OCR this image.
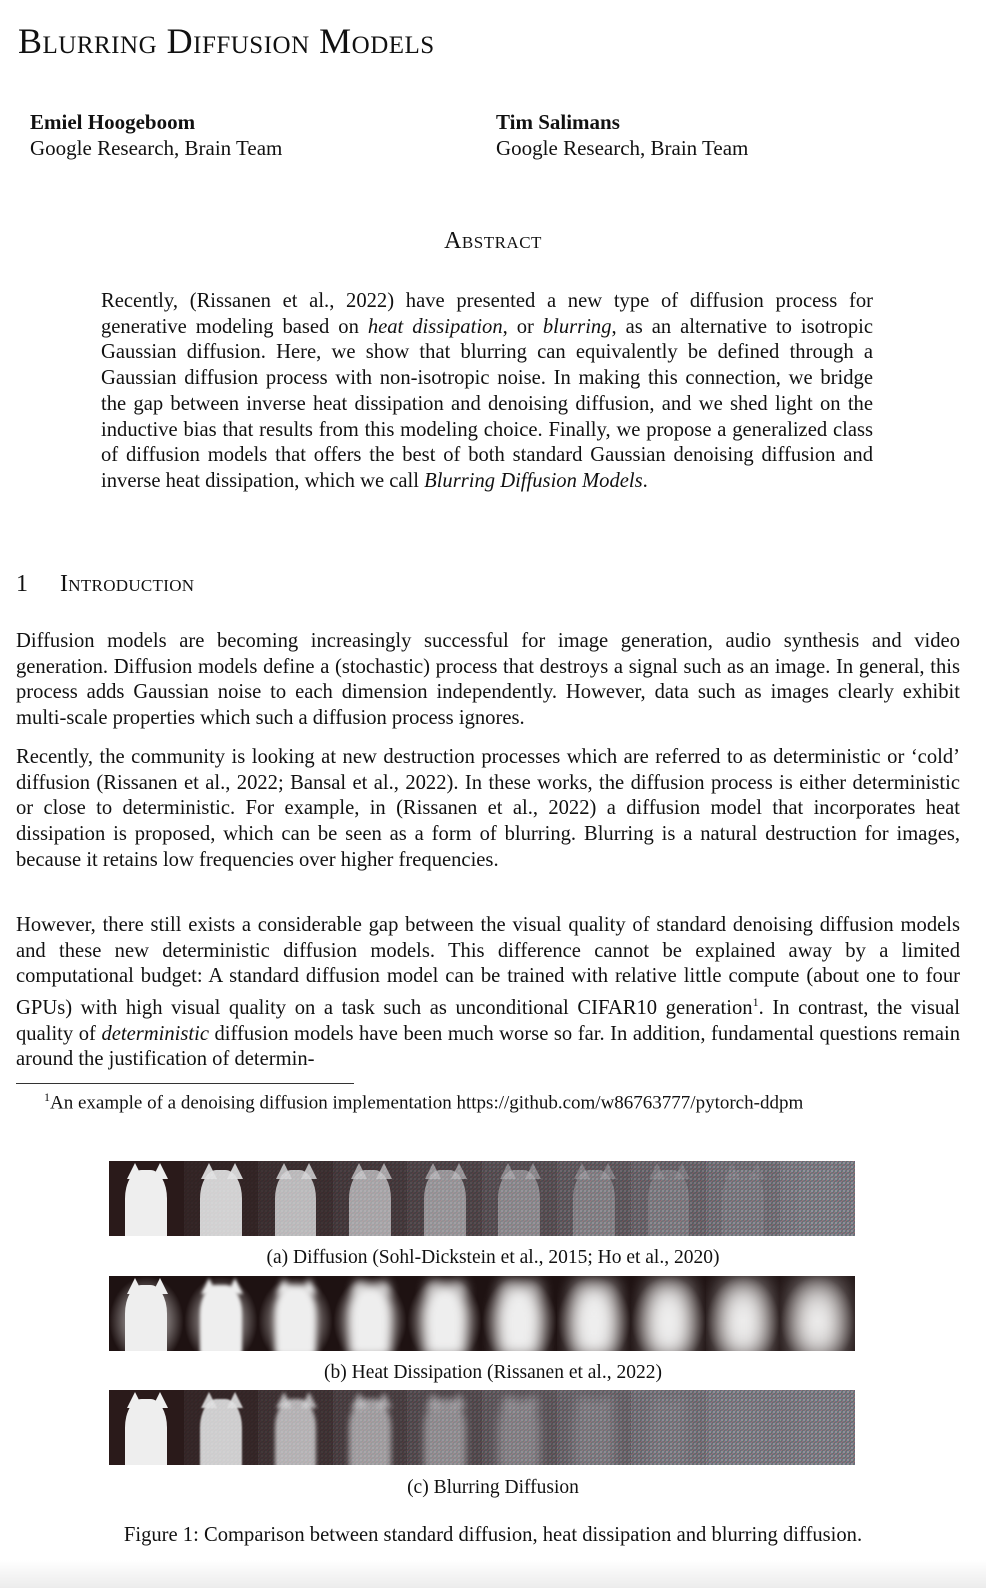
Blurring Diffusion Models
Emiel Hoogeboom
Google Research, Brain Team
Tim Salimans
Google Research, Brain Team
Abstract
Recently, (Rissanen et al., 2022) have presented a new type of diffusion process for generative modeling based on heat dissipation, or blurring, as an alternative to isotropic Gaussian diffusion. Here, we show that blurring can equivalently be defined through a Gaussian diffusion process with non-isotropic noise. In making this connection, we bridge the gap between inverse heat dissipation and denoising diffusion, and we shed light on the inductive bias that results from this modeling choice. Finally, we propose a generalized class of diffusion models that offers the best of both standard Gaussian denoising diffusion and inverse heat dissipation, which we call Blurring Diffusion Models.
1 Introduction
Diffusion models are becoming increasingly successful for image generation, audio synthesis and video generation. Diffusion models define a (stochastic) process that destroys a signal such as an image. In general, this process adds Gaussian noise to each dimension independently. However, data such as images clearly exhibit multi-scale properties which such a diffusion process ignores.
Recently, the community is looking at new destruction processes which are referred to as deterministic or ‘cold’ diffusion (Rissanen et al., 2022; Bansal et al., 2022). In these works, the diffusion process is either deterministic or close to deterministic. For example, in (Rissanen et al., 2022) a diffusion model that incorporates heat dissipation is proposed, which can be seen as a form of blurring. Blurring is a natural destruction for images, because it retains low frequencies over higher frequencies.
However, there still exists a considerable gap between the visual quality of standard denoising diffusion models and these new deterministic diffusion models. This difference cannot be explained away by a limited computational budget: A standard diffusion model can be trained with relative little compute (about one to four GPUs) with high visual quality on a task such as unconditional CIFAR10 generation$^1$. In contrast, the visual quality of deterministic diffusion models have been much worse so far. In addition, fundamental questions remain around the justification of determin-
$^1$An example of a denoising diffusion implementation https://github.com/w86763777/pytorch-ddpm
(a) Diffusion (Sohl-Dickstein et al., 2015; Ho et al., 2020)
(b) Heat Dissipation (Rissanen et al., 2022)
(c) Blurring Diffusion
Figure 1: Comparison between standard diffusion, heat dissipation and blurring diffusion.
